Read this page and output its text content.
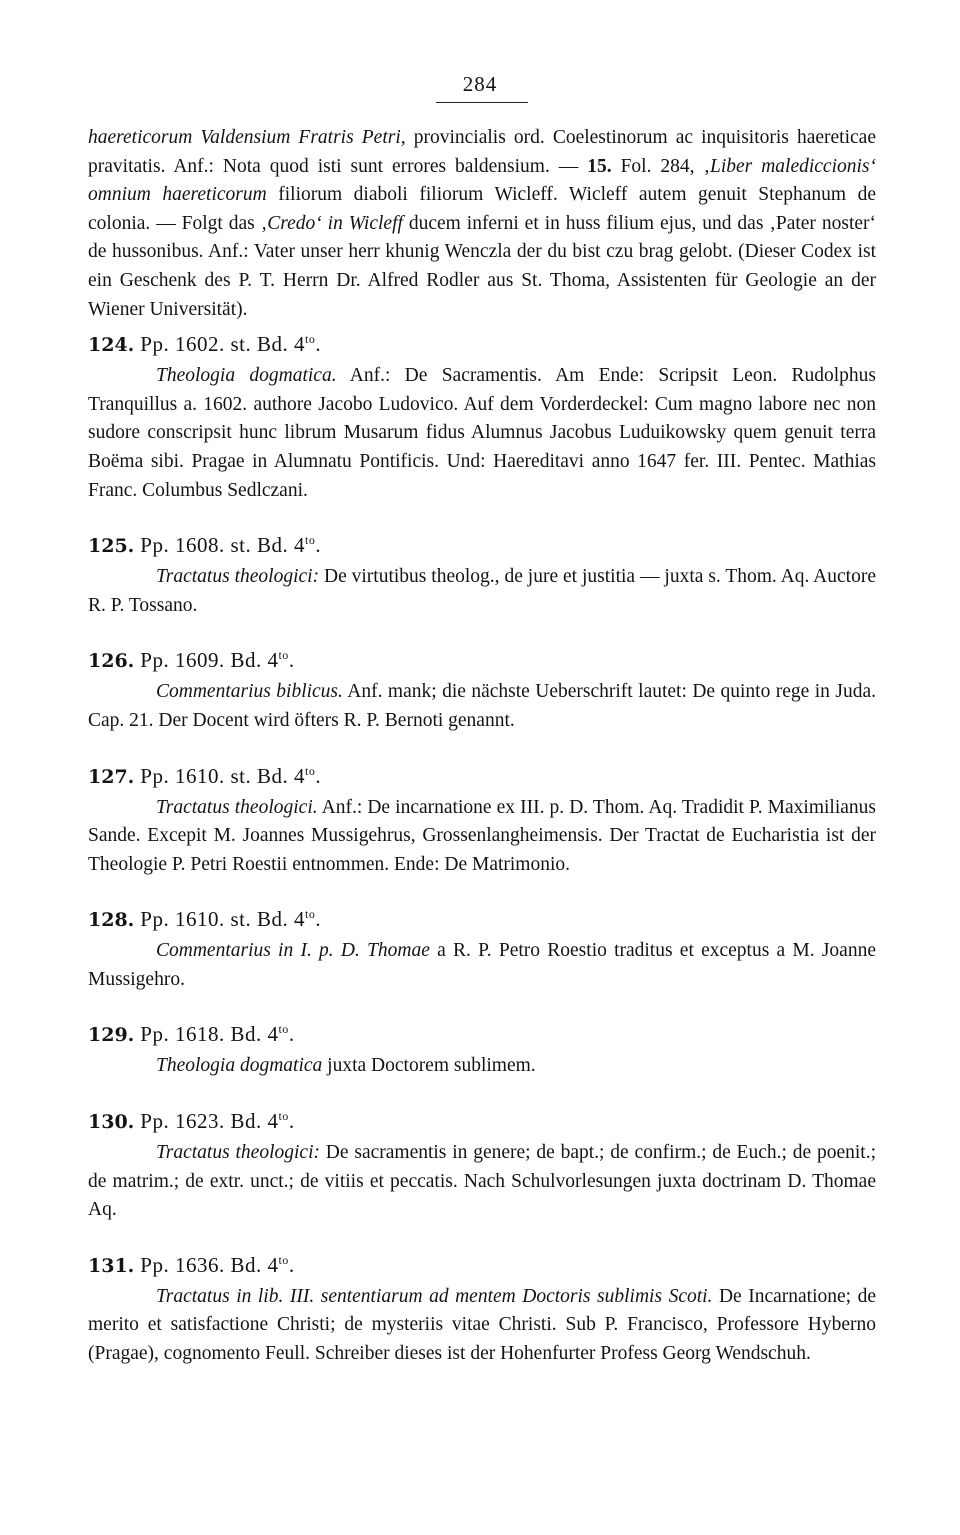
284

haereticorum Valdensium Fratris Petri, provincialis ord. Coelestinorum ac inquisitoris haereticae pravitatis. Anf.: Nota quod isti sunt errores baldensium. — 15. Fol. 284, ‚Liber malediccionis‘ omnium haereticorum filiorum diaboli filiorum Wicleff. Wicleff autem genuit Stephanum de colonia. — Folgt das ‚Credo‘ in Wicleff ducem inferni et in huss filium ejus, und das ‚Pater noster‘ de hussonibus. Anf.: Vater unser herr khunig Wenczla der du bist czu brag gelobt. (Dieser Codex ist ein Geschenk des P. T. Herrn Dr. Alfred Rodler aus St. Thoma, Assistenten für Geologie an der Wiener Universität).

124. Pp. 1602. st. Bd. $4^{to}$.

Theologia dogmatica. Anf.: De Sacramentis. Am Ende: Scripsit Leon. Rudolphus Tranquillus a. 1602. authore Jacobo Ludovico. Auf dem Vorderdeckel: Cum magno labore nec non sudore conscripsit hunc librum Musarum fidus Alumnus Jacobus Luduikowsky quem genuit terra Boëma sibi. Pragae in Alumnatu Pontificis. Und: Haereditavi anno 1647 fer. III. Pentec. Mathias Franc. Columbus Sedlczani.

125. Pp. 1608. st. Bd. $4^{to}$.

Tractatus theologici: De virtutibus theolog., de jure et justitia — juxta s. Thom. Aq. Auctore R. P. Tossano.

126. Pp. 1609. Bd. $4^{to}$.

Commentarius biblicus. Anf. mank; die nächste Ueberschrift lautet: De quinto rege in Juda. Cap. 21. Der Docent wird öfters R. P. Bernoti genannt.

127. Pp. 1610. st. Bd. $4^{to}$.

Tractatus theologici. Anf.: De incarnatione ex III. p. D. Thom. Aq. Tradidit P. Maximilianus Sande. Excepit M. Joannes Mussigehrus, Grossenlangheimensis. Der Tractat de Eucharistia ist der Theologie P. Petri Roestii entnommen. Ende: De Matrimonio.

128. Pp. 1610. st. Bd. $4^{to}$.

Commentarius in I. p. D. Thomae a R. P. Petro Roestio traditus et exceptus a M. Joanne Mussigehro.

129. Pp. 1618. Bd. $4^{to}$.

Theologia dogmatica juxta Doctorem sublimem.

130. Pp. 1623. Bd. $4^{to}$.

Tractatus theologici: De sacramentis in genere; de bapt.; de confirm.; de Euch.; de poenit.; de matrim.; de extr. unct.; de vitiis et peccatis. Nach Schulvorlesungen juxta doctrinam D. Thomae Aq.

131. Pp. 1636. Bd. $4^{to}$.

Tractatus in lib. III. sententiarum ad mentem Doctoris sublimis Scoti. De Incarnatione; de merito et satisfactione Christi; de mysteriis vitae Christi. Sub P. Francisco, Professore Hyberno (Pragae), cognomento Feull. Schreiber dieses ist der Hohenfurter Profess Georg Wendschuh.
